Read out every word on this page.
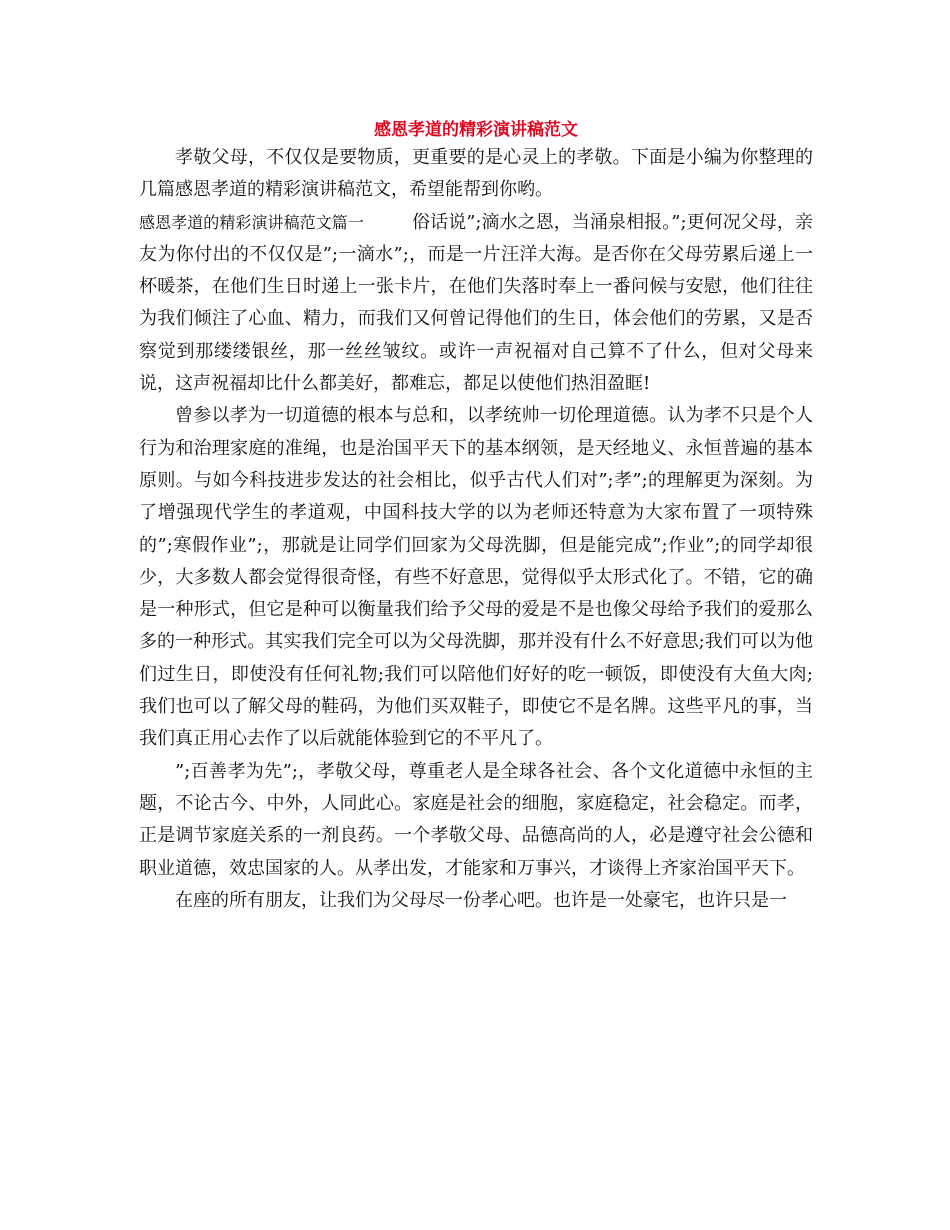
感恩孝道的精彩演讲稿范文

孝敬父母，不仅仅是要物质，更重要的是心灵上的孝敬。下面是小编为你整理的几篇感恩孝道的精彩演讲稿范文，希望能帮到你哟。

感恩孝道的精彩演讲稿范文篇一	俗话说”;滴水之恩，当涌泉相报。”;更何况父母，亲友为你付出的不仅仅是”;一滴水”;，而是一片汪洋大海。是否你在父母劳累后递上一杯暖茶，在他们生日时递上一张卡片，在他们失落时奉上一番问候与安慰，他们往往为我们倾注了心血、精力，而我们又何曾记得他们的生日，体会他们的劳累，又是否察觉到那缕缕银丝，那一丝丝皱纹。或许一声祝福对自己算不了什么，但对父母来说，这声祝福却比什么都美好，都难忘，都足以使他们热泪盈眶!

曾参以孝为一切道德的根本与总和，以孝统帅一切伦理道德。认为孝不只是个人行为和治理家庭的准绳，也是治国平天下的基本纲领，是天经地义、永恒普遍的基本原则。与如今科技进步发达的社会相比，似乎古代人们对”;孝”;的理解更为深刻。为了增强现代学生的孝道观，中国科技大学的以为老师还特意为大家布置了一项特殊的”;寒假作业”;，那就是让同学们回家为父母洗脚，但是能完成”;作业”;的同学却很少，大多数人都会觉得很奇怪，有些不好意思，觉得似乎太形式化了。不错，它的确是一种形式，但它是种可以衡量我们给予父母的爱是不是也像父母给予我们的爱那么多的一种形式。其实我们完全可以为父母洗脚，那并没有什么不好意思;我们可以为他们过生日，即使没有任何礼物;我们可以陪他们好好的吃一顿饭，即使没有大鱼大肉;我们也可以了解父母的鞋码，为他们买双鞋子，即使它不是名牌。这些平凡的事，当我们真正用心去作了以后就能体验到它的不平凡了。

”;百善孝为先”;，孝敬父母，尊重老人是全球各社会、各个文化道德中永恒的主题，不论古今、中外，人同此心。家庭是社会的细胞，家庭稳定，社会稳定。而孝，正是调节家庭关系的一剂良药。一个孝敬父母、品德高尚的人，必是遵守社会公德和职业道德，效忠国家的人。从孝出发，才能家和万事兴，才谈得上齐家治国平天下。

在座的所有朋友，让我们为父母尽一份孝心吧。也许是一处豪宅，也许只是一
